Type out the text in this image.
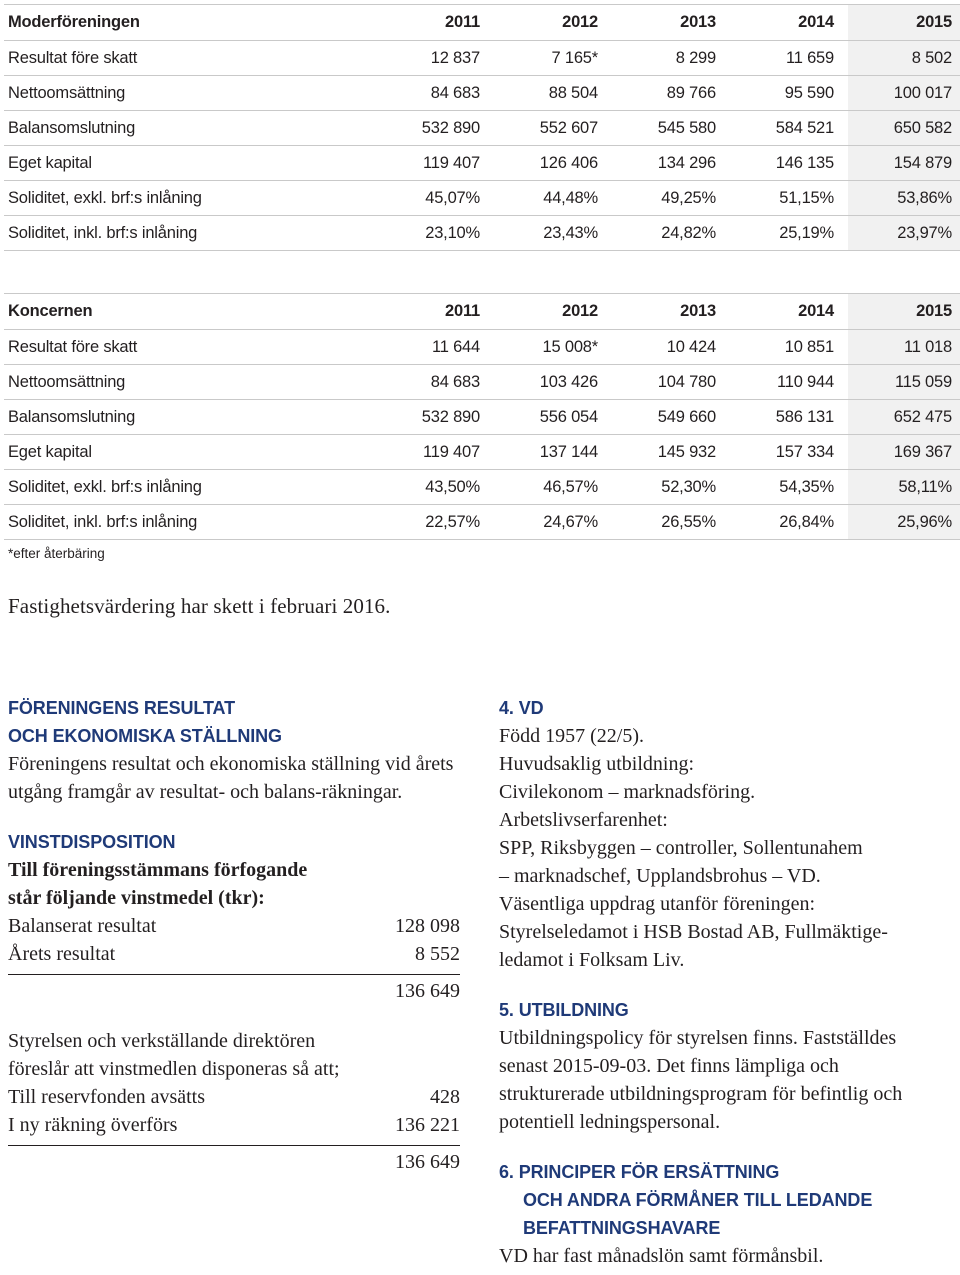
Moderföreningen	2011	2012	2013	2014	2015
Resultat före skatt	12 837	7 165*	8 299	11 659	8 502
Nettoomsättning	84 683	88 504	89 766	95 590	100 017
Balansomslutning	532 890	552 607	545 580	584 521	650 582
Eget kapital	119 407	126 406	134 296	146 135	154 879
Soliditet, exkl. brf:s inlåning	45,07%	44,48%	49,25%	51,15%	53,86%
Soliditet, inkl. brf:s inlåning	23,10%	23,43%	24,82%	25,19%	23,97%
Koncernen	2011	2012	2013	2014	2015
Resultat före skatt	11 644	15 008*	10 424	10 851	11 018
Nettoomsättning	84 683	103 426	104 780	110 944	115 059
Balansomslutning	532 890	556 054	549 660	586 131	652 475
Eget kapital	119 407	137 144	145 932	157 334	169 367
Soliditet, exkl. brf:s inlåning	43,50%	46,57%	52,30%	54,35%	58,11%
Soliditet, inkl. brf:s inlåning	22,57%	24,67%	26,55%	26,84%	25,96%
*efter återbäring
Fastighetsvärdering har skett i februari 2016.
FÖRENINGENS RESULTAT
OCH EKONOMISKA STÄLLNING
Föreningens resultat och ekonomiska ställning vid årets utgång framgår av resultat- och balans-räkningar.
VINSTDISPOSITION
Till föreningsstämmans förfogande
står följande vinstmedel (tkr):
Balanserat resultat	128 098
Årets resultat	8 552
136 649
Styrelsen och verkställande direktören
föreslår att vinstmedlen disponeras så att;
Till reservfonden avsätts	428
I ny räkning överförs	136 221
136 649
4. VD
Född 1957 (22/5).
Huvudsaklig utbildning:
Civilekonom – marknadsföring.
Arbetslivserfarenhet:
SPP, Riksbyggen – controller, Sollentunahem
– marknadschef, Upplandsbrohus – VD.
Väsentliga uppdrag utanför föreningen:
Styrelseledamot i HSB Bostad AB, Fullmäktige-ledamot i Folksam Liv.
5. UTBILDNING
Utbildningspolicy för styrelsen finns. Fastställdes senast 2015-09-03. Det finns lämpliga och strukturerade utbildningsprogram för befintlig och potentiell ledningspersonal.
6. PRINCIPER FÖR ERSÄTTNING
OCH ANDRA FÖRMÅNER TILL LEDANDE
BEFATTNINGSHAVARE
VD har fast månadslön samt förmånsbil.
